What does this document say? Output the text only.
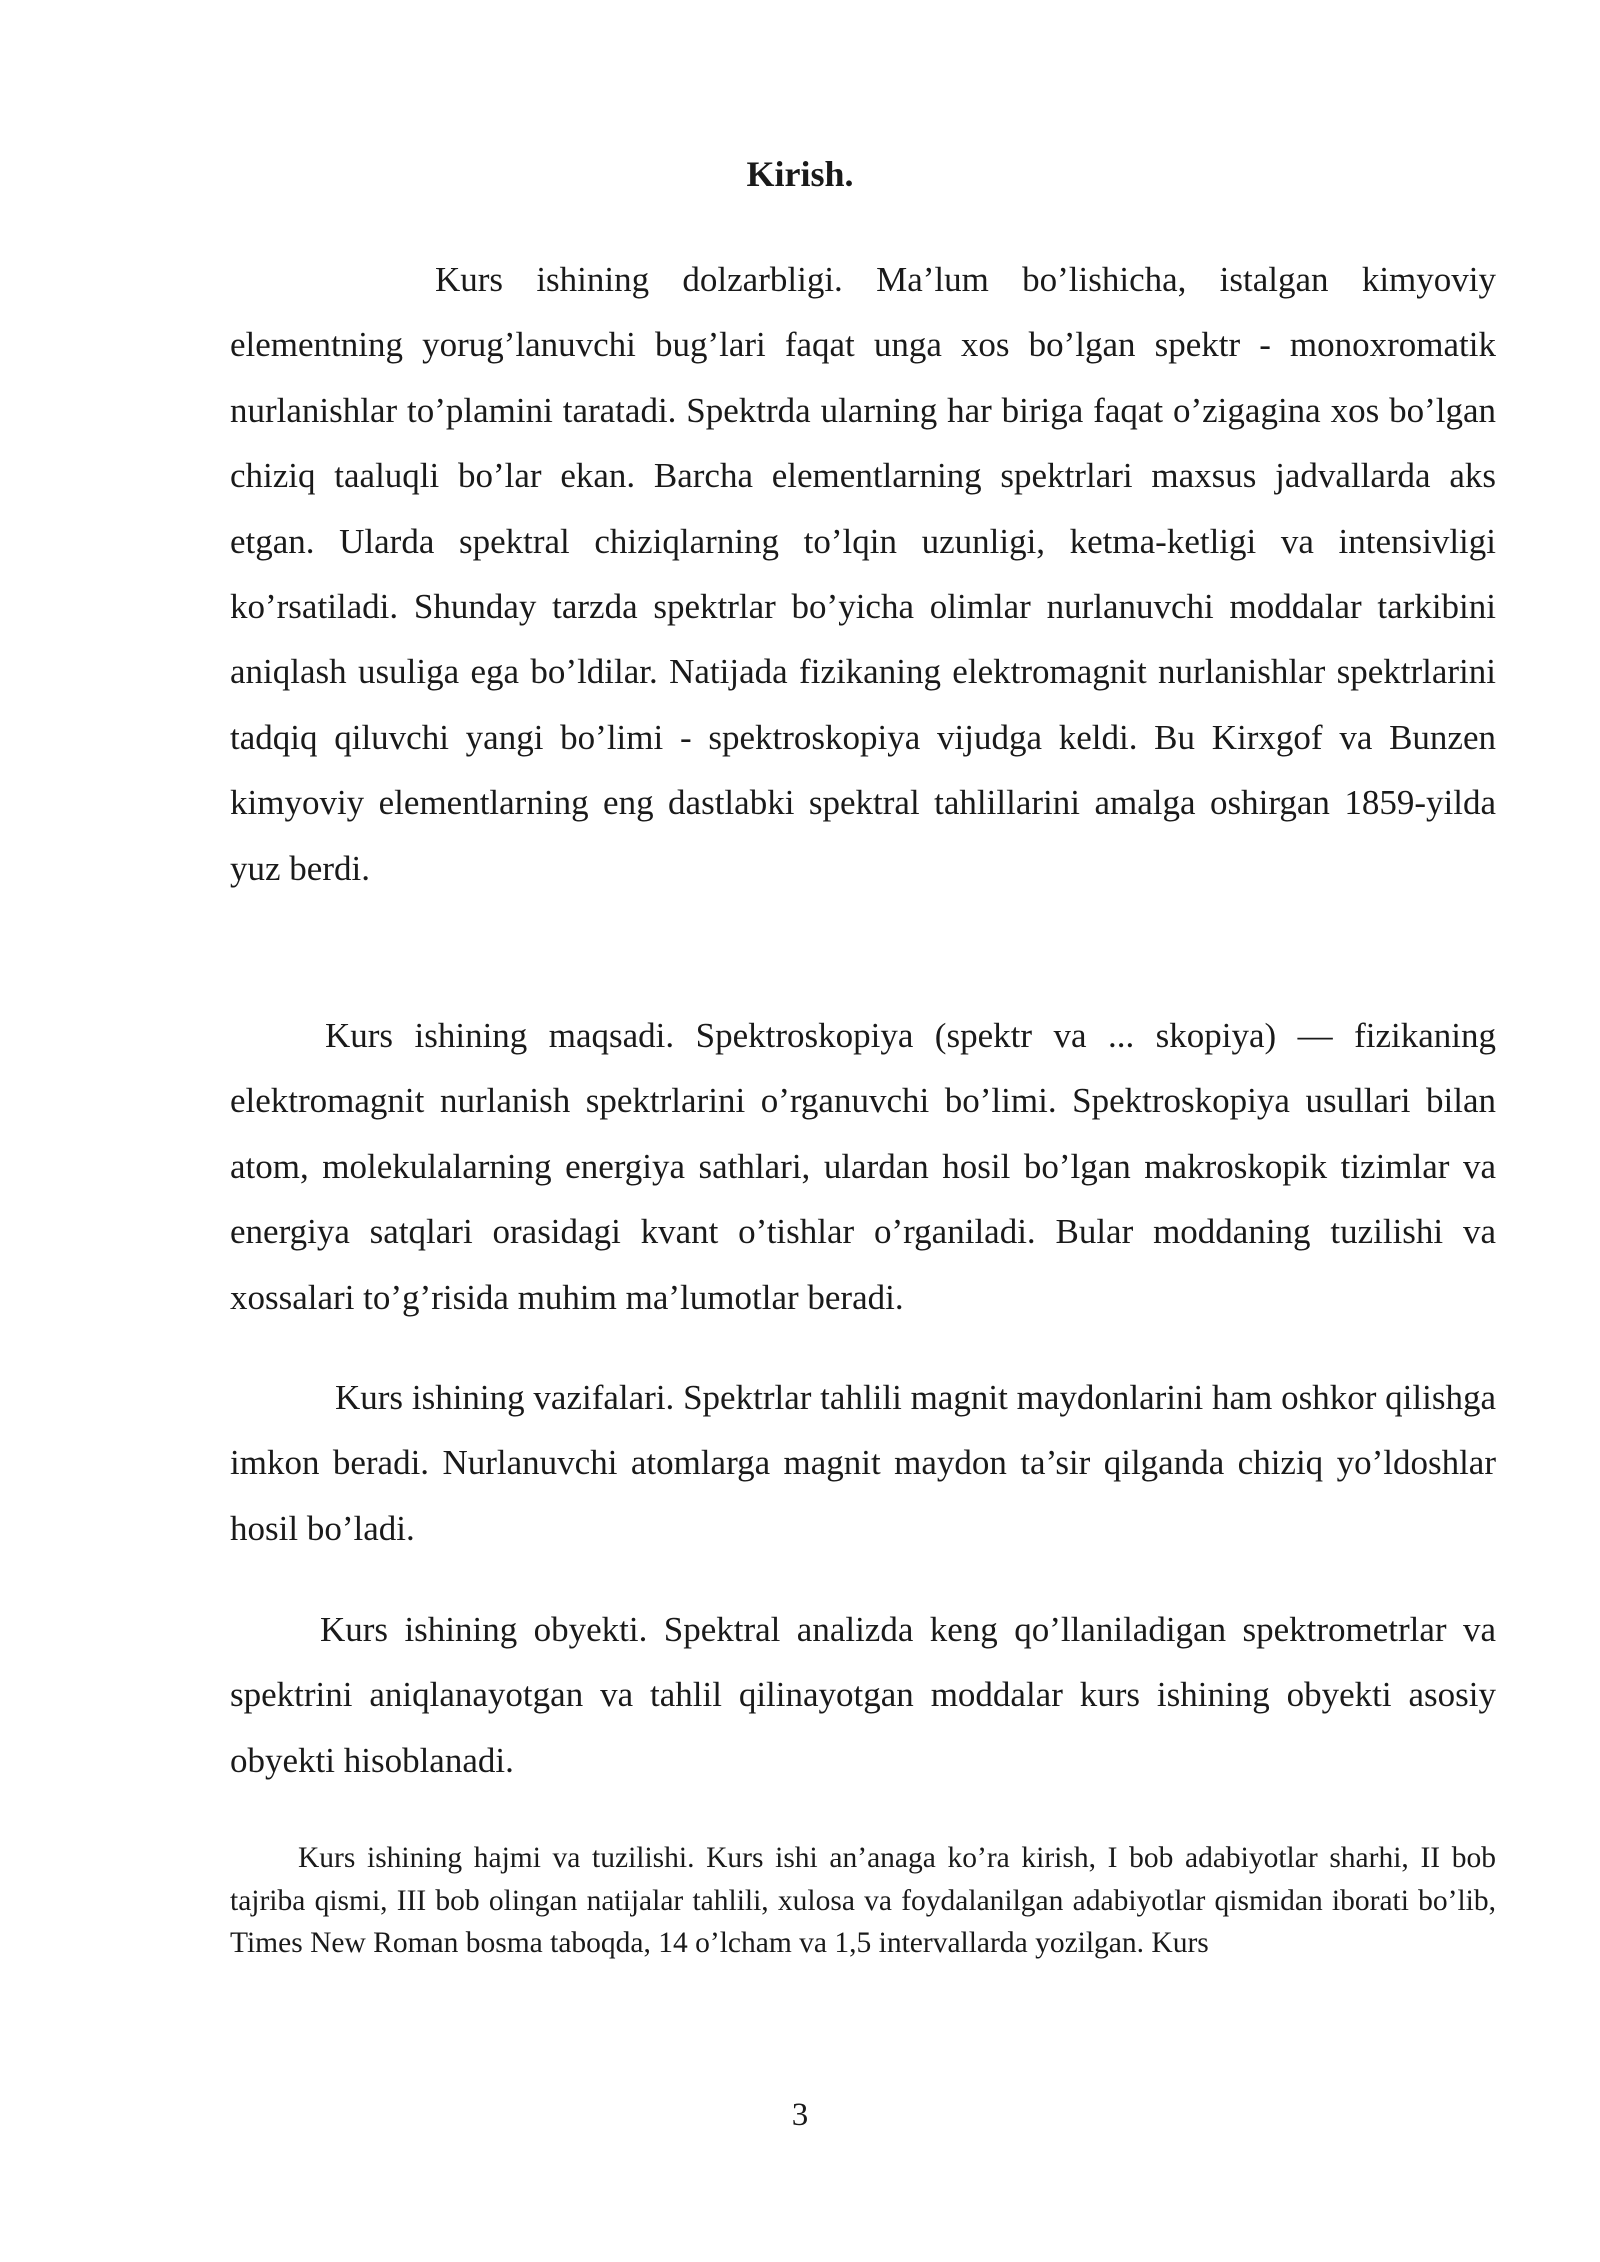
Kirish.

Kurs ishining dolzarbligi. Ma’lum bo’lishicha, istalgan kimyoviy elementning yorug’lanuvchi bug’lari faqat unga xos bo’lgan spektr - monoxromatik nurlanishlar to’plamini taratadi. Spektrda ularning har biriga faqat o’zigagina xos bo’lgan chiziq taaluqli bo’lar ekan. Barcha elementlarning spektrlari maxsus jadvallarda aks etgan. Ularda spektral chiziqlarning to’lqin uzunligi, ketma-ketligi va intensivligi ko’rsatiladi. Shunday tarzda spektrlar bo’yicha olimlar nurlanuvchi moddalar tarkibini aniqlash usuliga ega bo’ldilar. Natijada fizikaning elektromagnit nurlanishlar spektrlarini tadqiq qiluvchi yangi bo’limi - spektroskopiya vijudga keldi. Bu Kirxgof va Bunzen kimyoviy elementlarning eng dastlabki spektral tahlillarini amalga oshirgan 1859-yilda yuz berdi.

Kurs ishining maqsadi. Spektroskopiya (spektr va ... skopiya) — fizikaning elektromagnit nurlanish spektrlarini o’rganuvchi bo’limi. Spektroskopiya usullari bilan atom, molekulalarning energiya sathlari, ulardan hosil bo’lgan makroskopik tizimlar va energiya satqlari orasidagi kvant o’tishlar o’rganiladi. Bular moddaning tuzilishi va xossalari to’g’risida muhim ma’lumotlar beradi.

Kurs ishining vazifalari. Spektrlar tahlili magnit maydonlarini ham oshkor qilishga imkon beradi. Nurlanuvchi atomlarga magnit maydon ta’sir qilganda chiziq yo’ldoshlar hosil bo’ladi.

Kurs ishining obyekti. Spektral analizda keng qo’llaniladigan spektrometrlar va spektrini aniqlanayotgan va tahlil qilinayotgan moddalar kurs ishining obyekti asosiy obyekti hisoblanadi.

Kurs ishining hajmi va tuzilishi. Kurs ishi an’anaga ko’ra kirish, I bob adabiyotlar sharhi, II bob tajriba qismi, III bob olingan natijalar tahlili, xulosa va foydalanilgan adabiyotlar qismidan iborati bo’lib, Times New Roman bosma taboqda, 14 o’lcham va 1,5 intervallarda yozilgan. Kurs

3
